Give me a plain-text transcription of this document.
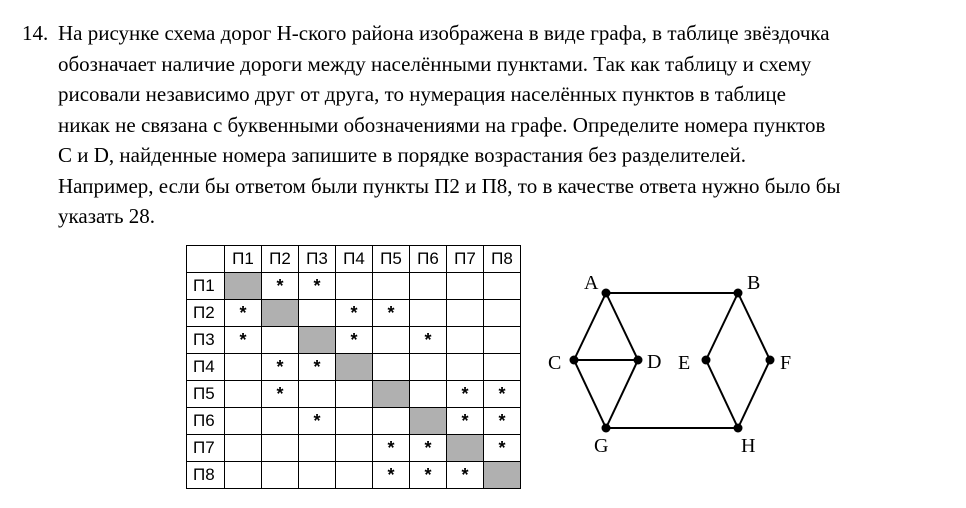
14. На рисунке схема дорог Н-ского района изображена в виде графа, в таблице звёздочка
обозначает наличие дороги между населёнными пунктами. Так как таблицу и схему
рисовали независимо друг от друга, то нумерация населённых пунктов в таблице
никак не связана с буквенными обозначениями на графе. Определите номера пунктов
C и D, найденные номера запишите в порядке возрастания без разделителей.
Например, если бы ответом были пункты П2 и П8, то в качестве ответа нужно было бы
указать 28.
	П1	П2	П3	П4	П5	П6	П7	П8
П1		*	*					
П2	*			*	*			
П3	*			*		*		
П4		*	*					
П5		*					*	*
П6			*				*	*
П7					*	*		*
П8					*	*	*	
A	B
C	D E	F
G	H
